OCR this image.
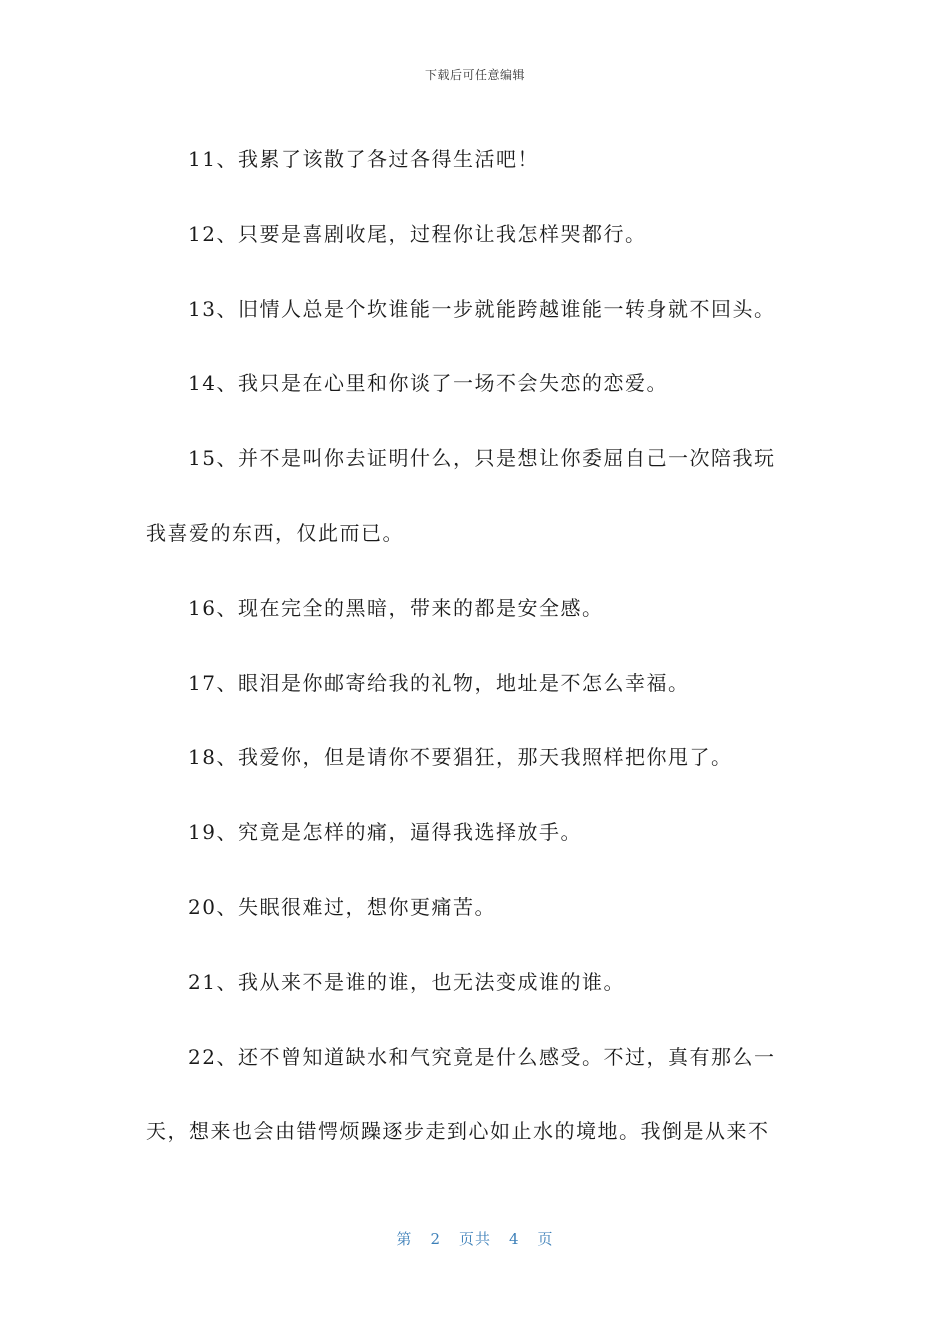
下载后可任意编辑

11、我累了该散了各过各得生活吧！

12、只要是喜剧收尾，过程你让我怎样哭都行。

13、旧情人总是个坎谁能一步就能跨越谁能一转身就不回头。

14、我只是在心里和你谈了一场不会失恋的恋爱。

15、并不是叫你去证明什么，只是想让你委屈自己一次陪我玩

我喜爱的东西，仅此而已。

16、现在完全的黑暗，带来的都是安全感。

17、眼泪是你邮寄给我的礼物，地址是不怎么幸福。

18、我爱你，但是请你不要猖狂，那天我照样把你甩了。

19、究竟是怎样的痛，逼得我选择放手。

20、失眠很难过，想你更痛苦。

21、我从来不是谁的谁，也无法变成谁的谁。

22、还不曾知道缺水和气究竟是什么感受。不过，真有那么一

天，想来也会由错愕烦躁逐步走到心如止水的境地。我倒是从来不

第 2 页共 4 页
